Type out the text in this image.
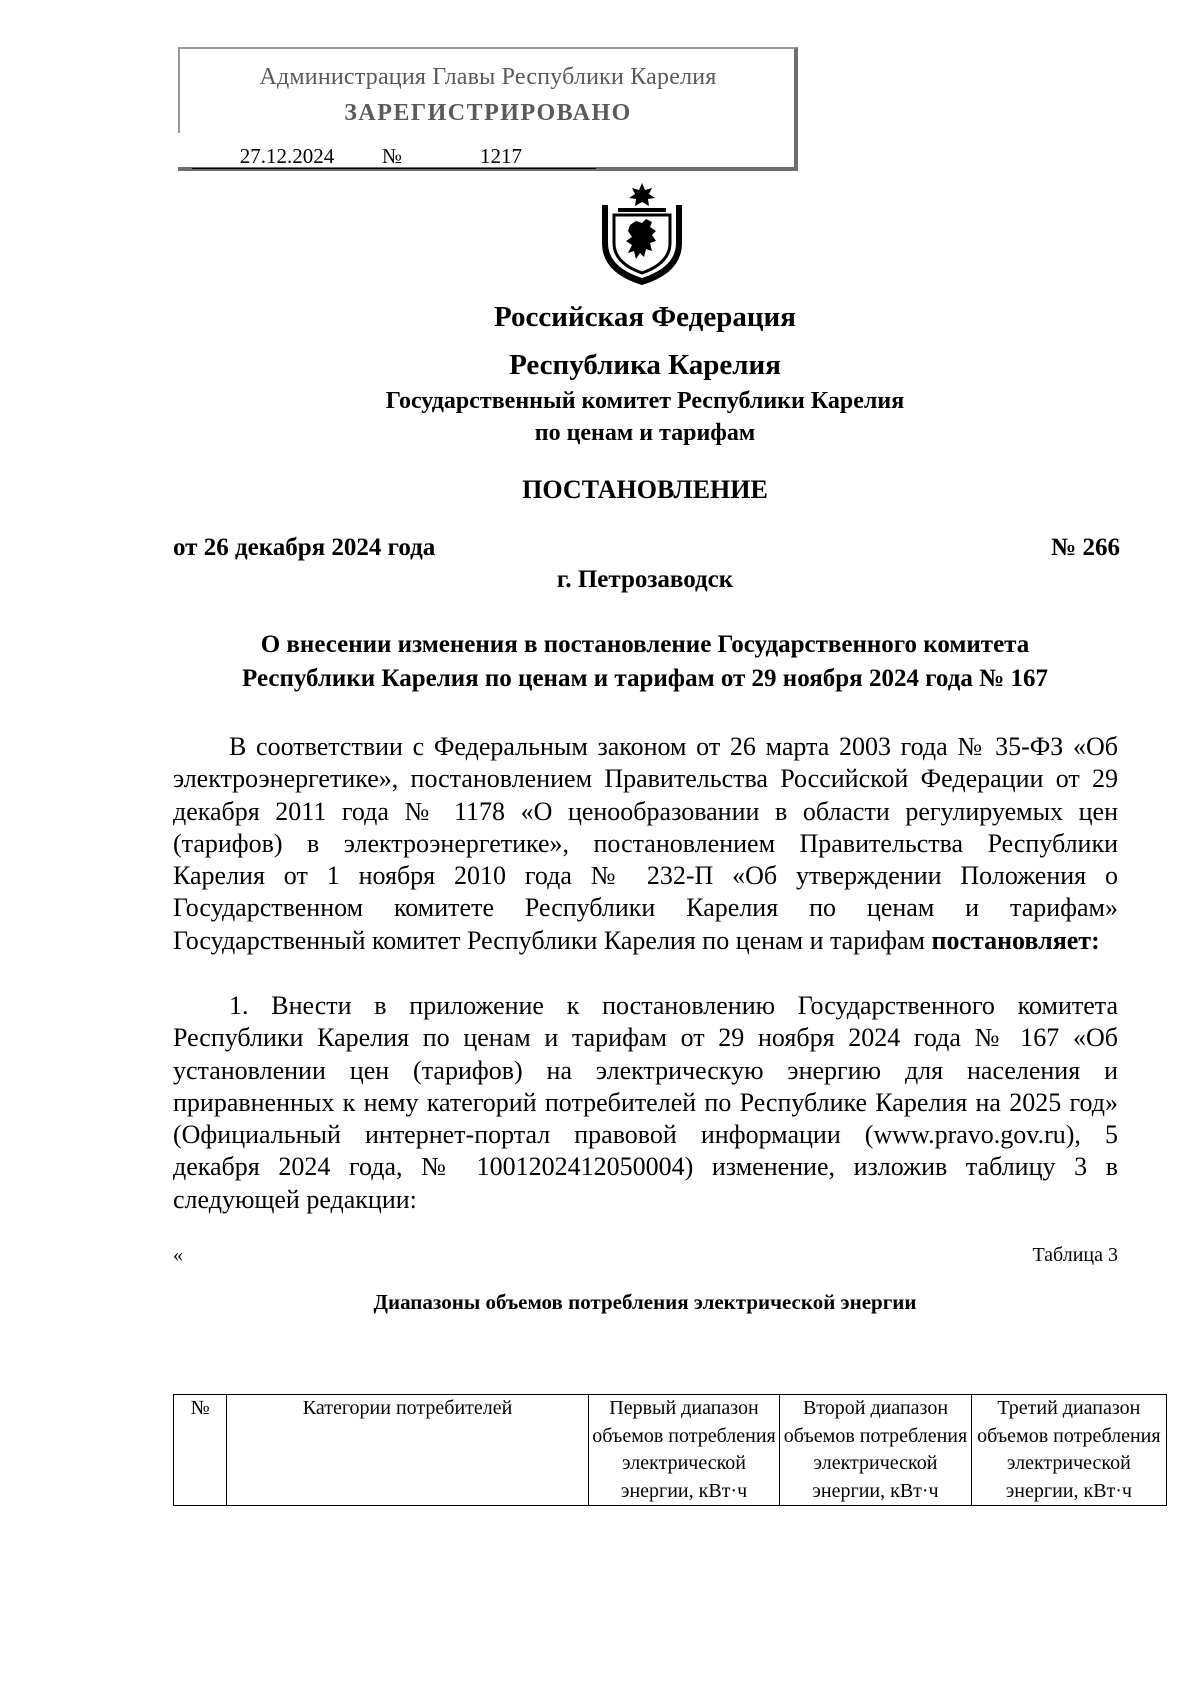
Администрация Главы Республики Карелия
ЗАРЕГИСТРИРОВАНО
27.12.2024	№	1217
Российская Федерация
Республика Карелия
Государственный комитет Республики Карелия
по ценам и тарифам
ПОСТАНОВЛЕНИЕ
от 26 декабря 2024 года	№ 266
г. Петрозаводск
О внесении изменения в постановление Государственного комитета
Республики Карелия по ценам и тарифам от 29 ноября 2024 года № 167
В соответствии с Федеральным законом от 26 марта 2003 года № 35-ФЗ «Об электроэнергетике», постановлением Правительства Российской Федерации от 29 декабря 2011 года № 1178 «О ценообразовании в области регулируемых цен (тарифов) в электроэнергетике», постановлением Правительства Республики Карелия от 1 ноября 2010 года № 232-П «Об утверждении Положения о Государственном комитете Республики Карелия по ценам и тарифам» Государственный комитет Республики Карелия по ценам и тарифам постановляет:
1. Внести в приложение к постановлению Государственного комитета Республики Карелия по ценам и тарифам от 29 ноября 2024 года № 167 «Об установлении цен (тарифов) на электрическую энергию для населения и приравненных к нему категорий потребителей по Республике Карелия на 2025 год» (Официальный интернет-портал правовой информации (www.pravo.gov.ru), 5 декабря 2024 года, № 1001202412050004) изменение, изложив таблицу 3 в следующей редакции:
«	Таблица 3
Диапазоны объемов потребления электрической энергии
№	Категории потребителей	Первый диапазон объемов потребления электрической энергии, кВт·ч	Второй диапазон объемов потребления электрической энергии, кВт·ч	Третий диапазон объемов потребления электрической энергии, кВт·ч
